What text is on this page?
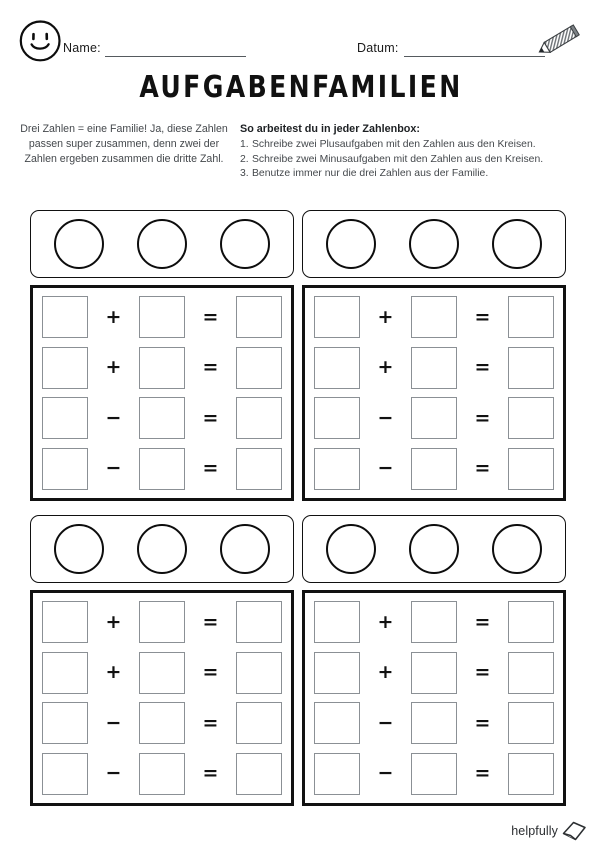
Name:	Datum:
AUFGABENFAMILIEN
Drei Zahlen = eine Familie! Ja, diese Zahlen passen super zusammen, denn zwei der Zahlen ergeben zusammen die dritte Zahl.
So arbeitest du in jeder Zahlenbox:
1. Schreibe zwei Plusaufgaben mit den Zahlen aus den Kreisen.
2. Schreibe zwei Minusaufgaben mit den Zahlen aus den Kreisen.
3. Benutze immer nur die drei Zahlen aus der Familie.
+	=
+	=
−	=
−	=
+	=
+	=
−	=
−	=
+	=
+	=
−	=
−	=
+	=
+	=
−	=
−	=
helpfully
